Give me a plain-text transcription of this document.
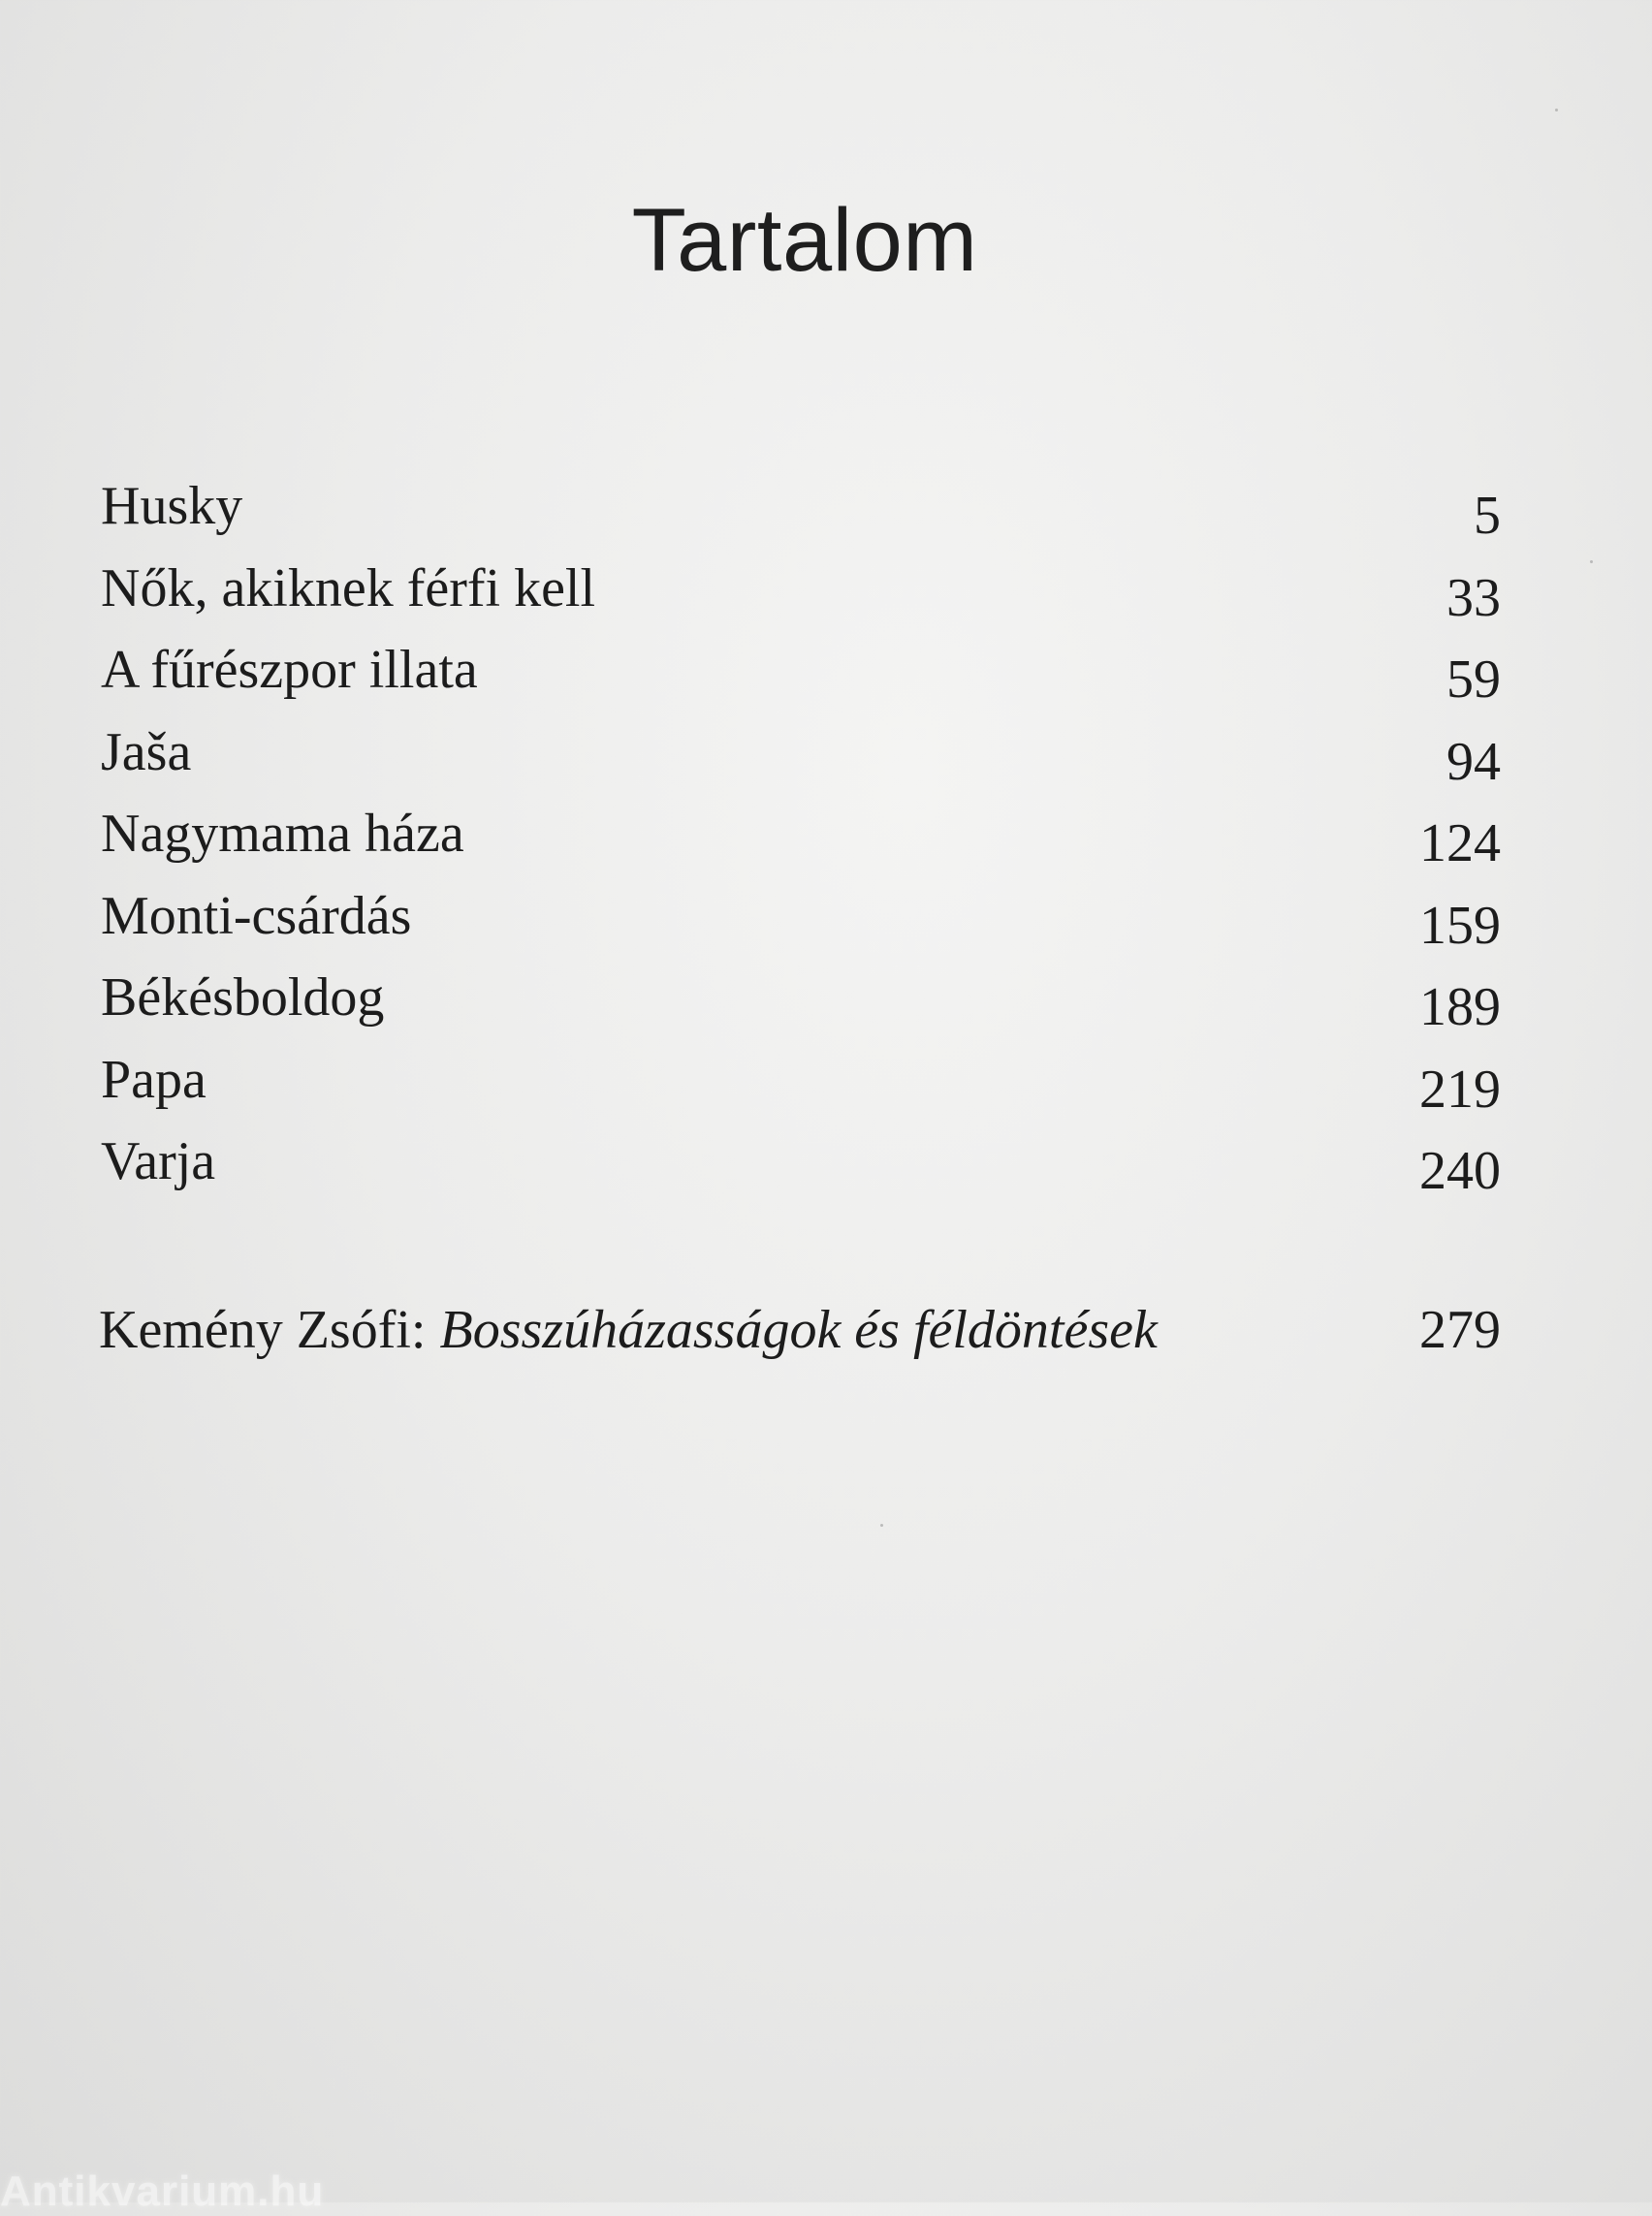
Tartalom
Husky	5
Nők, akiknek férfi kell	33
A fűrészpor illata	59
Jaša	94
Nagymama háza	124
Monti-csárdás	159
Békésboldog	189
Papa	219
Varja	240
Kemény Zsófi: Bosszúházasságok és féldöntések	279
Antikvarium.hu
